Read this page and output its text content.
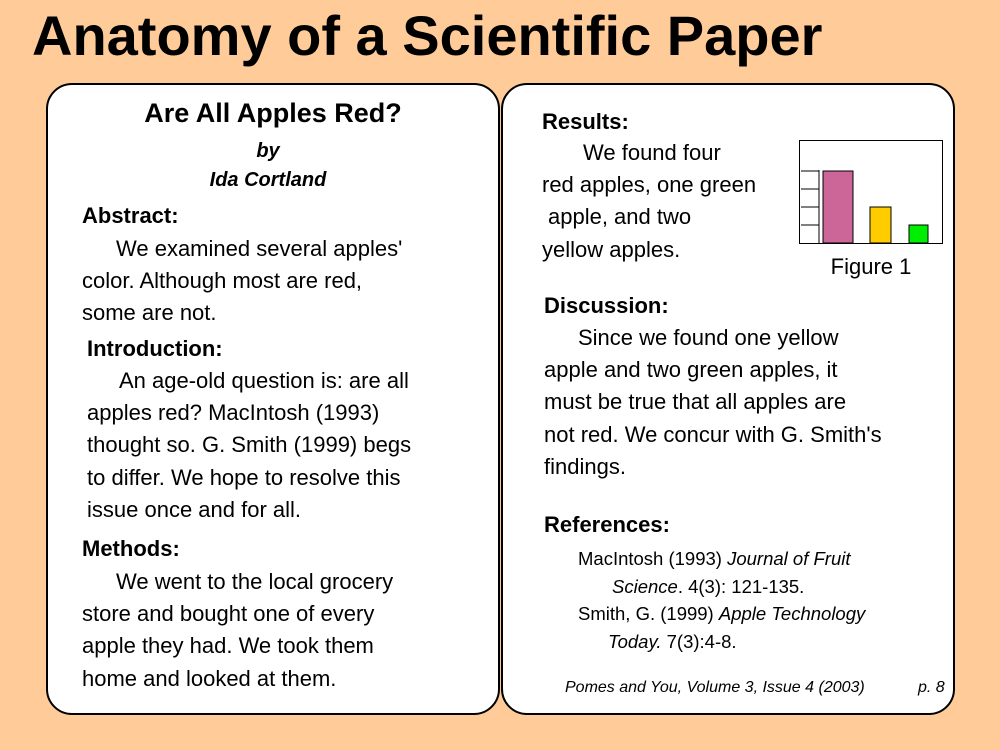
Anatomy of a Scientific Paper
Are All Apples Red?
by
Ida Cortland
Abstract:
We examined several apples'
color. Although most are red,
some are not.
Introduction:
An age-old question is: are all
apples red? MacIntosh (1993)
thought so. G. Smith (1999) begs
to differ. We hope to resolve this
issue once and for all.
Methods:
We went to the local grocery
store and bought one of every
apple they had. We took them
home and looked at them.
Results:
We found four
red apples, one green
apple, and two
yellow apples.
Figure 1
Discussion:
Since we found one yellow
apple and two green apples, it
must be true that all apples are
not red. We concur with G. Smith's
findings.
References:
MacIntosh (1993) Journal of Fruit
Science. 4(3): 121-135.
Smith, G. (1999) Apple Technology
Today. 7(3):4-8.
Pomes and You, Volume 3, Issue 4 (2003)	p. 8
